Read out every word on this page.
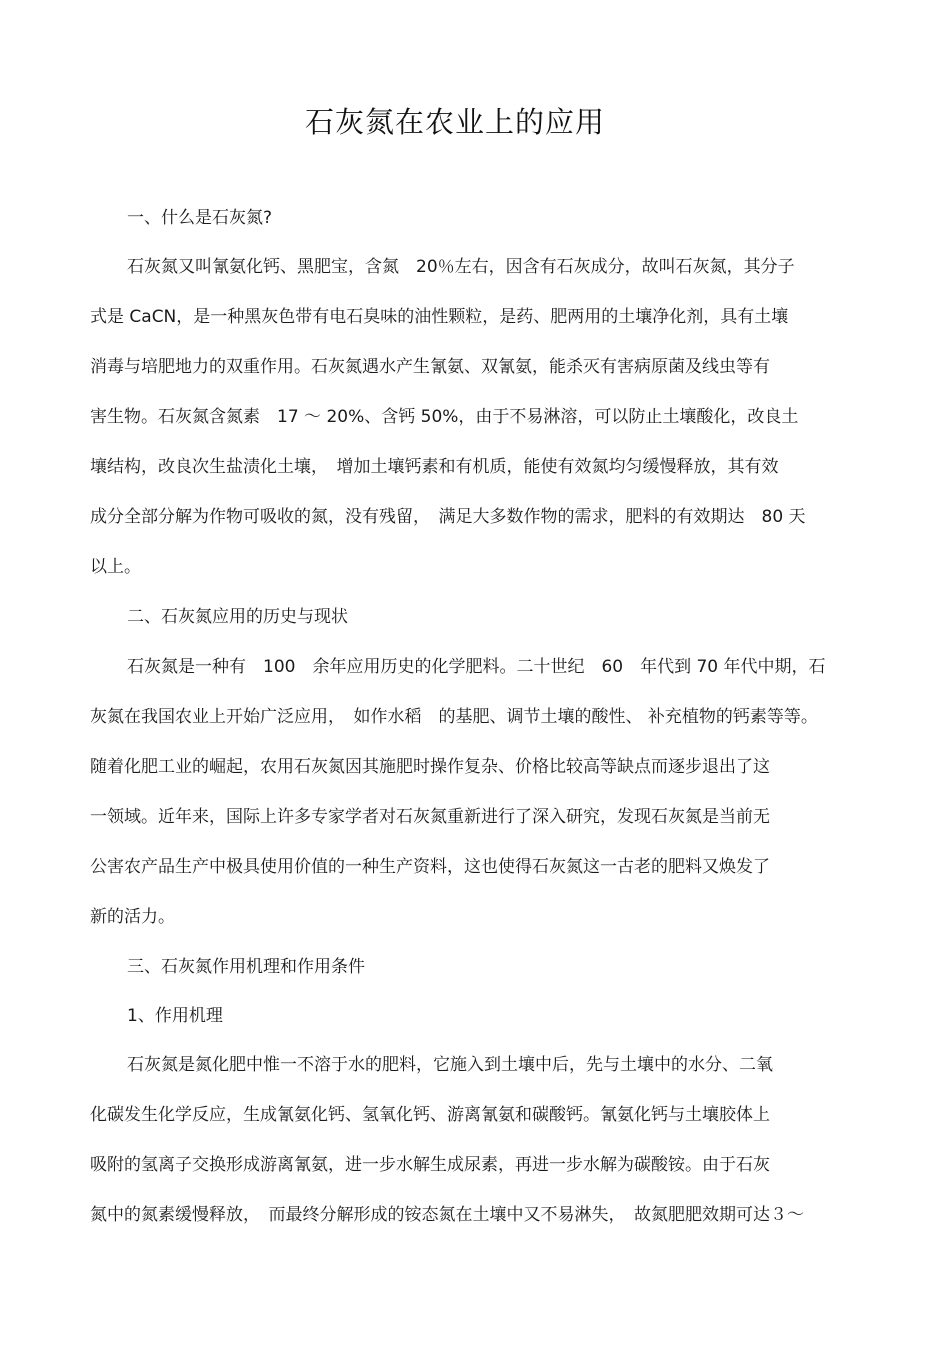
石灰氮在农业上的应用
一、什么是石灰氮?
石灰氮又叫氰氨化钙、黑肥宝，含氮　20％左右，因含有石灰成分，故叫石灰氮，其分子
式是 CaCN，是一种黑灰色带有电石臭味的油性颗粒，是药、肥两用的土壤净化剂，具有土壤
消毒与培肥地力的双重作用。石灰氮遇水产生氰氨、双氰氨，能杀灭有害病原菌及线虫等有
害生物。石灰氮含氮素　17 ～ 20%、含钙 50%，由于不易淋溶，可以防止土壤酸化，改良土
壤结构，改良次生盐渍化土壤，　增加土壤钙素和有机质，能使有效氮均匀缓慢释放，其有效
成分全部分解为作物可吸收的氮，没有残留，　满足大多数作物的需求，肥料的有效期达　80 天
以上。
二、石灰氮应用的历史与现状
石灰氮是一种有　100　余年应用历史的化学肥料。二十世纪　60　年代到 70 年代中期，石
灰氮在我国农业上开始广泛应用，　如作水稻　的基肥、调节土壤的酸性、 补充植物的钙素等等。
随着化肥工业的崛起，农用石灰氮因其施肥时操作复杂、价格比较高等缺点而逐步退出了这
一领域。近年来，国际上许多专家学者对石灰氮重新进行了深入研究，发现石灰氮是当前无
公害农产品生产中极具使用价值的一种生产资料，这也使得石灰氮这一古老的肥料又焕发了
新的活力。
三、石灰氮作用机理和作用条件
1、作用机理
石灰氮是氮化肥中惟一不溶于水的肥料，它施入到土壤中后，先与土壤中的水分、二氧
化碳发生化学反应，生成氰氨化钙、氢氧化钙、游离氰氨和碳酸钙。氰氨化钙与土壤胶体上
吸附的氢离子交换形成游离氰氨，进一步水解生成尿素，再进一步水解为碳酸铵。由于石灰
氮中的氮素缓慢释放，　而最终分解形成的铵态氮在土壤中又不易淋失，　故氮肥肥效期可达３～
